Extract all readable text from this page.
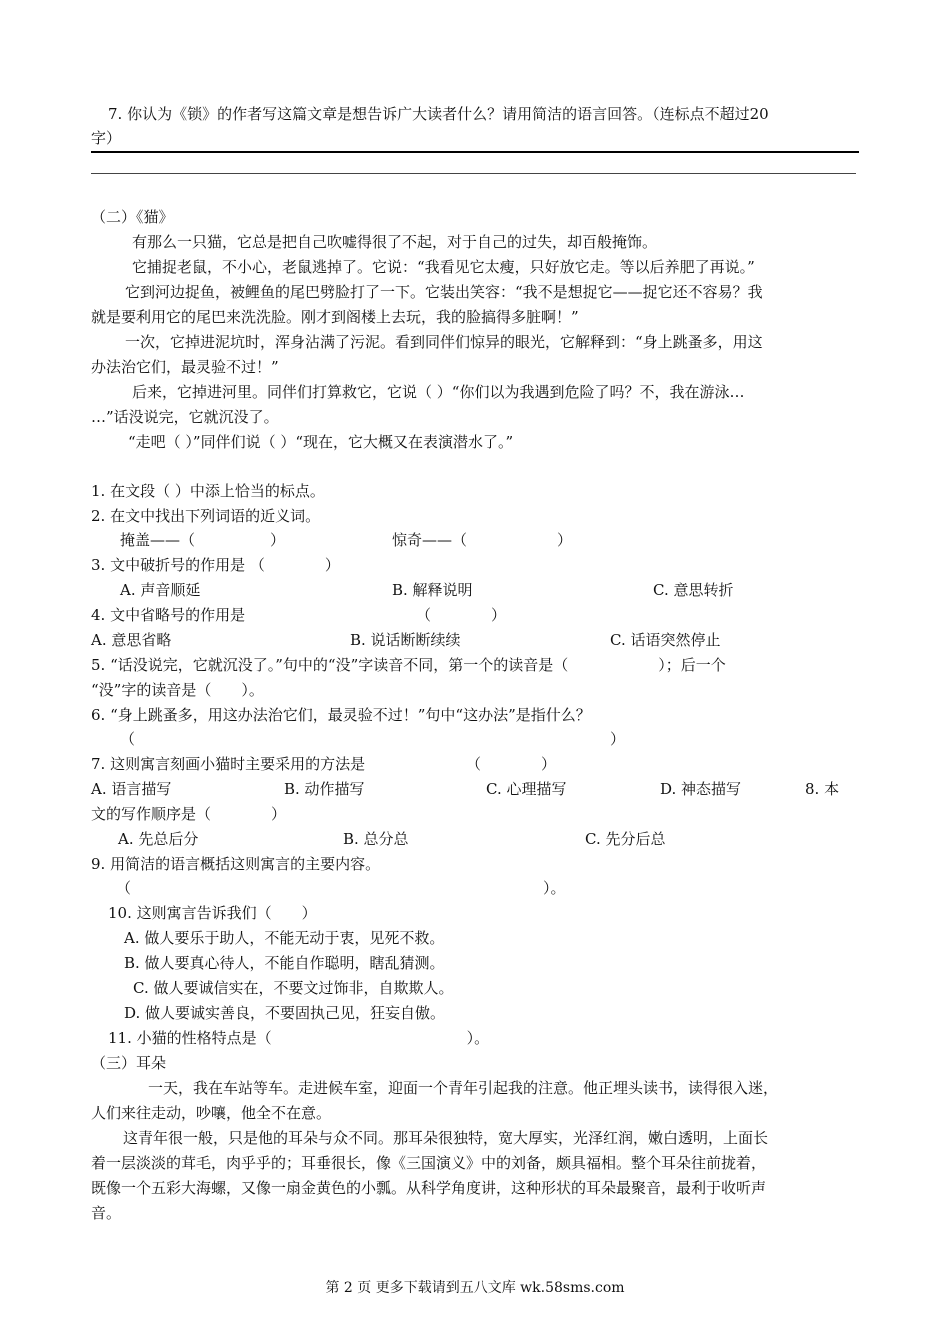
7. 你认为《锁》的作者写这篇文章是想告诉广大读者什么？请用简洁的语言回答。（连标点不超过20
字）
（二）《猫》
有那么一只猫，它总是把自己吹嘘得很了不起，对于自己的过失，却百般掩饰。
它捕捉老鼠，不小心，老鼠逃掉了。它说：“我看见它太瘦，只好放它走。等以后养肥了再说。”
它到河边捉鱼，被鲤鱼的尾巴劈脸打了一下。它装出笑容：“我不是想捉它——捉它还不容易？我
就是要利用它的尾巴来洗洗脸。刚才到阁楼上去玩，我的脸搞得多脏啊！”
一次，它掉进泥坑时，浑身沾满了污泥。看到同伴们惊异的眼光，它解释到：“身上跳蚤多，用这
办法治它们，最灵验不过！”
后来，它掉进河里。同伴们打算救它，它说（ ）“你们以为我遇到危险了吗？不，我在游泳…
…”话没说完，它就沉没了。
“走吧（ ）”同伴们说（ ）“现在，它大概又在表演潜水了。”
1. 在文段（ ）中添上恰当的标点。
2. 在文中找出下列词语的近义词。
掩盖——（　　　　　）	惊奇——（　　　　　　）
3. 文中破折号的作用是 （　　　　）
A. 声音顺延	B. 解释说明	C. 意思转折
4. 文中省略号的作用是	（　　　　）
A. 意思省略	B. 说话断断续续	C. 话语突然停止
5. “话没说完，它就沉没了。”句中的“没”字读音不同，第一个的读音是（　　　　　　）；后一个
“没”字的读音是（　　）。
6. “身上跳蚤多，用这办法治它们，最灵验不过！”句中“这办法”是指什么？
（	）
7. 这则寓言刻画小猫时主要采用的方法是	（　　　　）
A. 语言描写	B. 动作描写	C. 心理描写	D. 神态描写	8. 本
文的写作顺序是（　　　　）
A. 先总后分	B. 总分总	C. 先分后总
9. 用简洁的语言概括这则寓言的主要内容。
（	）。
10. 这则寓言告诉我们（　　）
A. 做人要乐于助人，不能无动于衷，见死不救。
B. 做人要真心待人，不能自作聪明，瞎乱猜测。
C. 做人要诚信实在，不要文过饰非，自欺欺人。
D. 做人要诚实善良，不要固执己见，狂妄自傲。
11. 小猫的性格特点是（　　　　　　　　　　　　　）。
（三）耳朵
一天，我在车站等车。走进候车室，迎面一个青年引起我的注意。他正埋头读书，读得很入迷，
人们来往走动，吵嚷，他全不在意。
这青年很一般，只是他的耳朵与众不同。那耳朵很独特，宽大厚实，光泽红润，嫩白透明，上面长
着一层淡淡的茸毛，肉乎乎的；耳垂很长，像《三国演义》中的刘备，颇具福相。整个耳朵往前拢着，
既像一个五彩大海螺，又像一扇金黄色的小瓢。从科学角度讲，这种形状的耳朵最聚音，最利于收听声
音。
第 2 页 更多下载请到五八文库 wk.58sms.com
